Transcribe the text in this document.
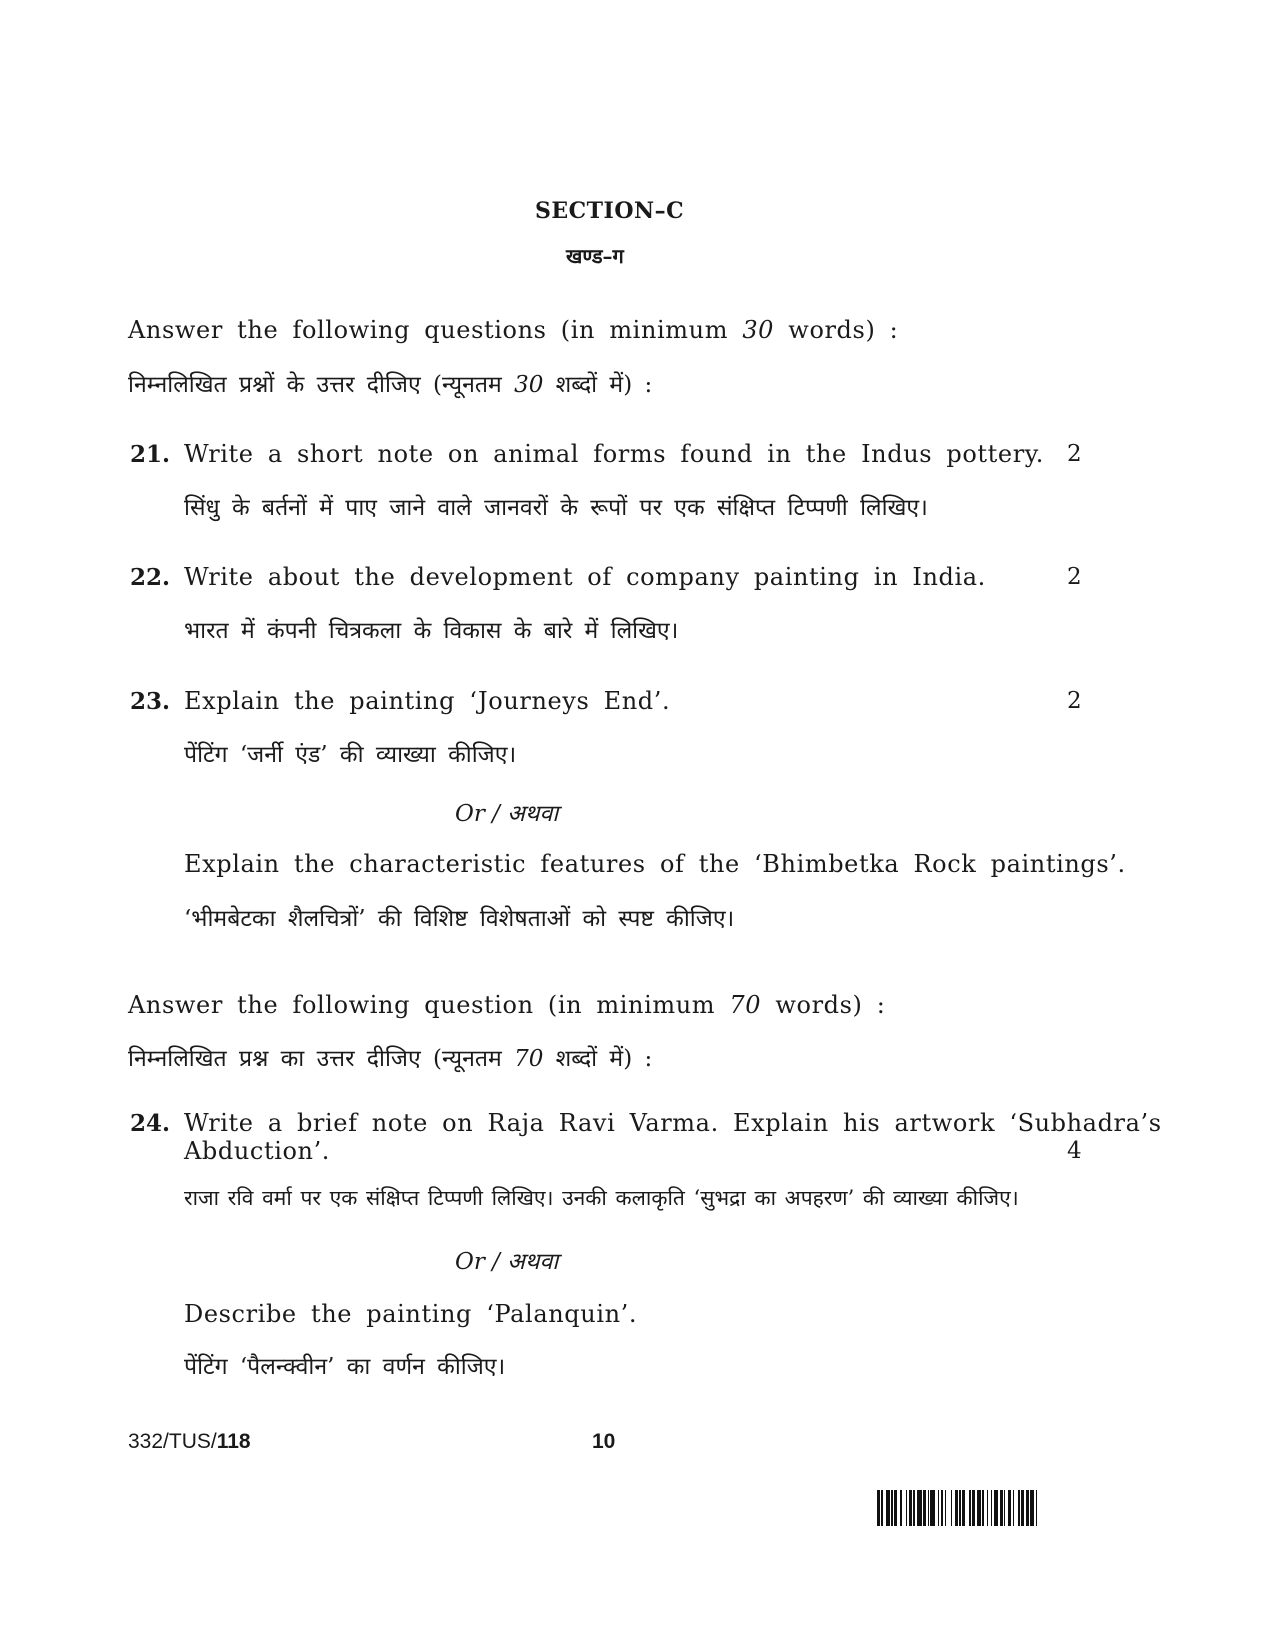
SECTION–C
खण्ड–ग
Answer the following questions (in minimum 30 words) :
निम्नलिखित प्रश्नों के उत्तर दीजिए (न्यूनतम 30 शब्दों में) :
21. Write a short note on animal forms found in the Indus pottery. 2
सिंधु के बर्तनों में पाए जाने वाले जानवरों के रूपों पर एक संक्षिप्त टिप्पणी लिखिए।
22. Write about the development of company painting in India.	2
भारत में कंपनी चित्रकला के विकास के बारे में लिखिए।
23. Explain the painting ‘Journeys End’.	2
पेंटिंग ‘जर्नी एंड’ की व्याख्या कीजिए।
Or / अथवा
Explain the characteristic features of the ‘Bhimbetka Rock paintings’.
‘भीमबेटका शैलचित्रों’ की विशिष्ट विशेषताओं को स्पष्ट कीजिए।
Answer the following question (in minimum 70 words) :
निम्नलिखित प्रश्न का उत्तर दीजिए (न्यूनतम 70 शब्दों में) :
24. Write a brief note on Raja Ravi Varma. Explain his artwork ‘Subhadra’s
Abduction’.	4
राजा रवि वर्मा पर एक संक्षिप्त टिप्पणी लिखिए। उनकी कलाकृति ‘सुभद्रा का अपहरण’ की व्याख्या कीजिए।
Or / अथवा
Describe the painting ‘Palanquin’.
पेंटिंग ‘पैलन्क्वीन’ का वर्णन कीजिए।
332/TUS/118	10
